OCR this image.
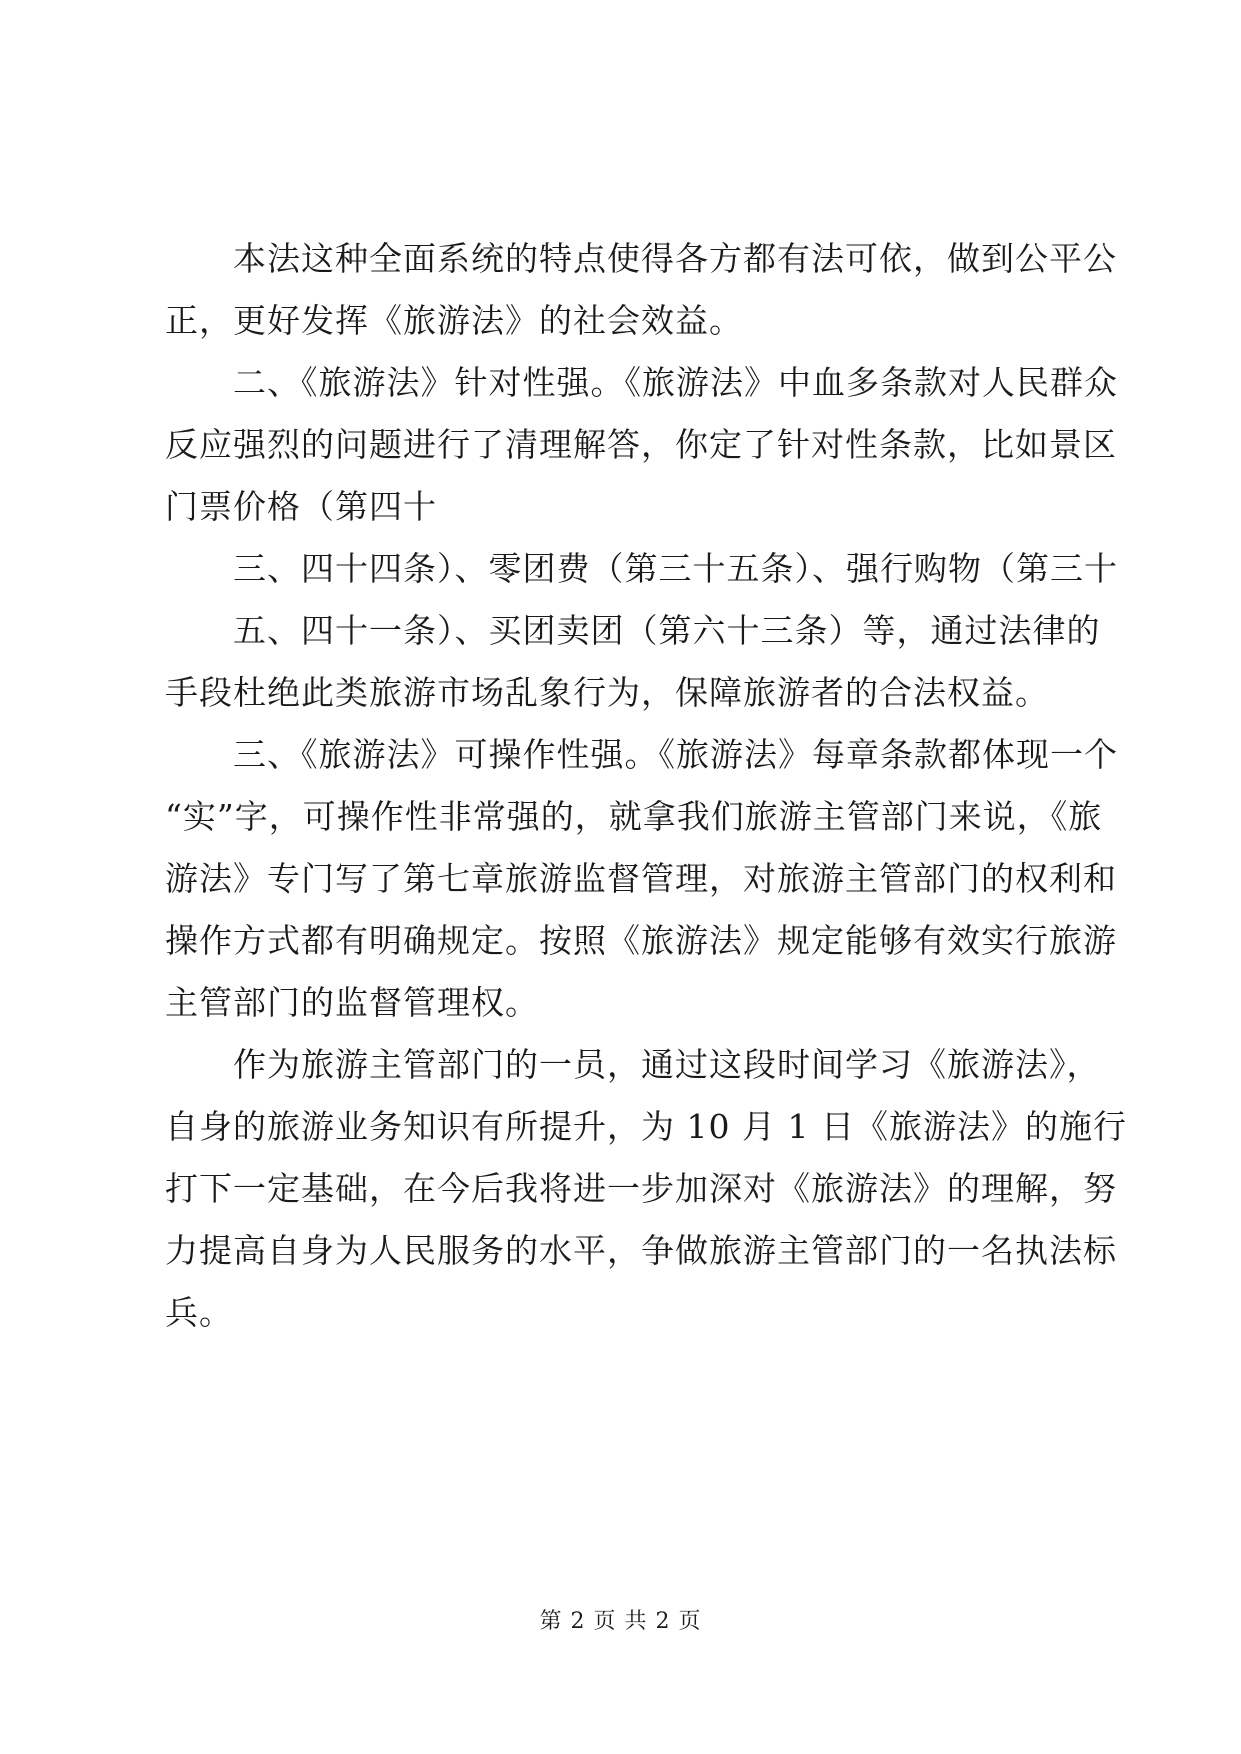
本法这种全面系统的特点使得各方都有法可依，做到公平公
正，更好发挥《旅游法》的社会效益。
二、《旅游法》针对性强。《旅游法》中血多条款对人民群众
反应强烈的问题进行了清理解答，你定了针对性条款，比如景区
门票价格（第四十
三、四十四条）、零团费（第三十五条）、强行购物（第三十
五、四十一条）、买团卖团（第六十三条）等，通过法律的
手段杜绝此类旅游市场乱象行为，保障旅游者的合法权益。
三、《旅游法》可操作性强。《旅游法》每章条款都体现一个
“实”字，可操作性非常强的，就拿我们旅游主管部门来说，《旅
游法》专门写了第七章旅游监督管理，对旅游主管部门的权利和
操作方式都有明确规定。按照《旅游法》规定能够有效实行旅游
主管部门的监督管理权。
作为旅游主管部门的一员，通过这段时间学习《旅游法》，
自身的旅游业务知识有所提升，为 10 月 1 日《旅游法》的施行
打下一定基础，在今后我将进一步加深对《旅游法》的理解，努
力提高自身为人民服务的水平，争做旅游主管部门的一名执法标
兵。
第 2 页 共 2 页
